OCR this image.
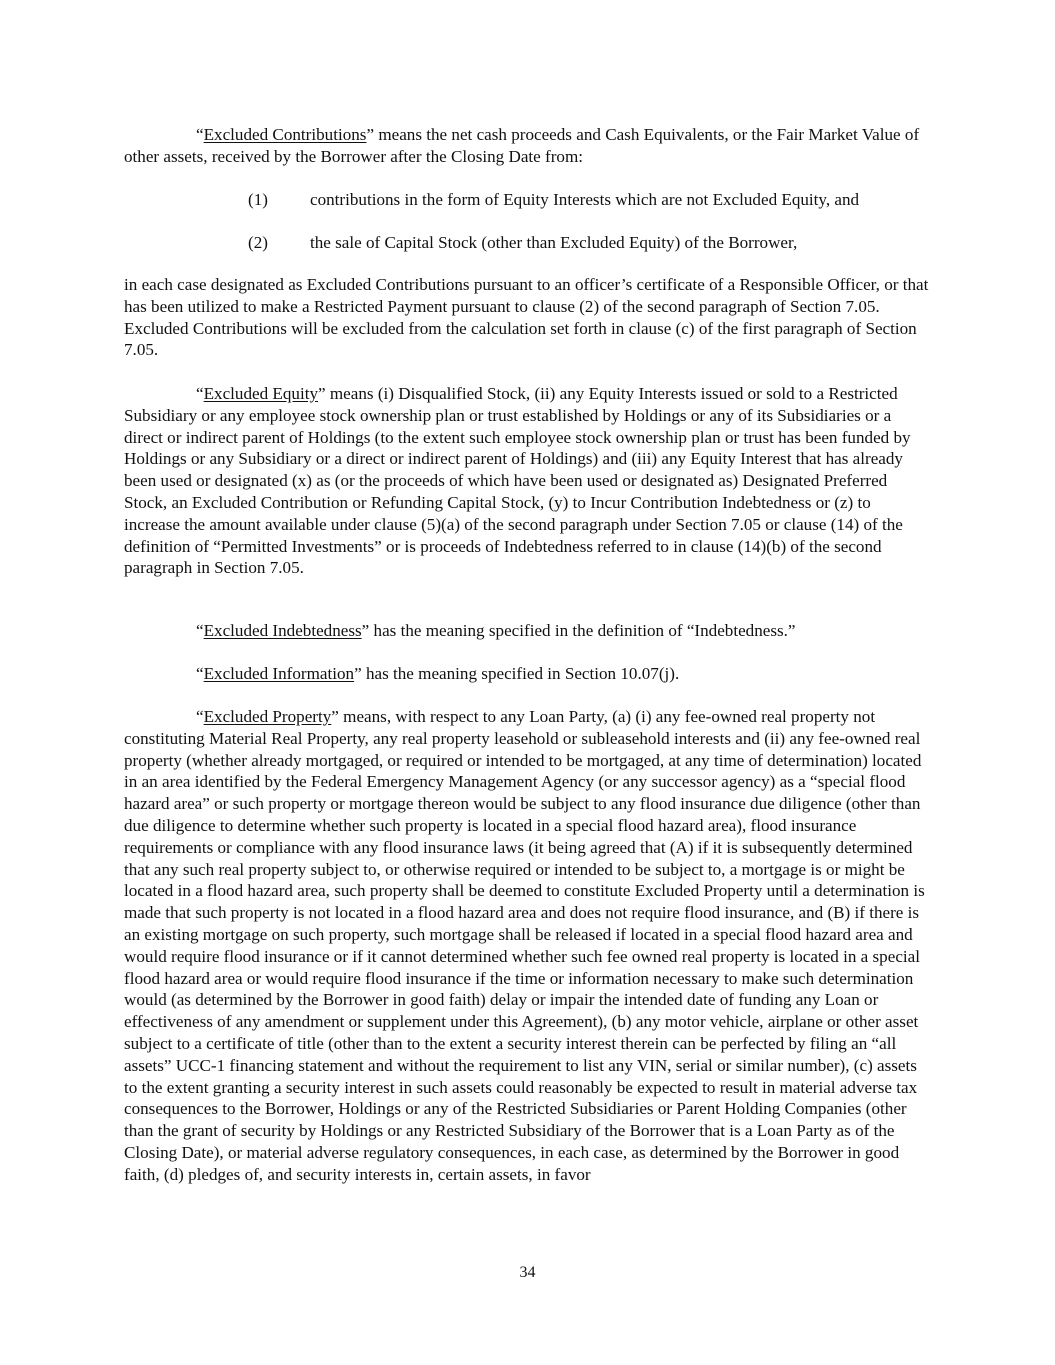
“Excluded Contributions” means the net cash proceeds and Cash Equivalents, or the Fair Market Value of other assets, received by the Borrower after the Closing Date from:

(1) contributions in the form of Equity Interests which are not Excluded Equity, and
(2) the sale of Capital Stock (other than Excluded Equity) of the Borrower,

in each case designated as Excluded Contributions pursuant to an officer’s certificate of a Responsible Officer, or that has been utilized to make a Restricted Payment pursuant to clause (2) of the second paragraph of Section 7.05. Excluded Contributions will be excluded from the calculation set forth in clause (c) of the first paragraph of Section 7.05.

“Excluded Equity” means (i) Disqualified Stock, (ii) any Equity Interests issued or sold to a Restricted Subsidiary or any employee stock ownership plan or trust established by Holdings or any of its Subsidiaries or a direct or indirect parent of Holdings (to the extent such employee stock ownership plan or trust has been funded by Holdings or any Subsidiary or a direct or indirect parent of Holdings) and (iii) any Equity Interest that has already been used or designated (x) as (or the proceeds of which have been used or designated as) Designated Preferred Stock, an Excluded Contribution or Refunding Capital Stock, (y) to Incur Contribution Indebtedness or (z) to increase the amount available under clause (5)(a) of the second paragraph under Section 7.05 or clause (14) of the definition of “Permitted Investments” or is proceeds of Indebtedness referred to in clause (14)(b) of the second paragraph in Section 7.05.

“Excluded Indebtedness” has the meaning specified in the definition of “Indebtedness.”

“Excluded Information” has the meaning specified in Section 10.07(j).

“Excluded Property” means, with respect to any Loan Party, (a) (i) any fee-owned real property not constituting Material Real Property, any real property leasehold or subleasehold interests and (ii) any fee-owned real property (whether already mortgaged, or required or intended to be mortgaged, at any time of determination) located in an area identified by the Federal Emergency Management Agency (or any successor agency) as a “special flood hazard area” or such property or mortgage thereon would be subject to any flood insurance due diligence (other than due diligence to determine whether such property is located in a special flood hazard area), flood insurance requirements or compliance with any flood insurance laws (it being agreed that (A) if it is subsequently determined that any such real property subject to, or otherwise required or intended to be subject to, a mortgage is or might be located in a flood hazard area, such property shall be deemed to constitute Excluded Property until a determination is made that such property is not located in a flood hazard area and does not require flood insurance, and (B) if there is an existing mortgage on such property, such mortgage shall be released if located in a special flood hazard area and would require flood insurance or if it cannot determined whether such fee owned real property is located in a special flood hazard area or would require flood insurance if the time or information necessary to make such determination would (as determined by the Borrower in good faith) delay or impair the intended date of funding any Loan or effectiveness of any amendment or supplement under this Agreement), (b) any motor vehicle, airplane or other asset subject to a certificate of title (other than to the extent a security interest therein can be perfected by filing an “all assets” UCC-1 financing statement and without the requirement to list any VIN, serial or similar number), (c) assets to the extent granting a security interest in such assets could reasonably be expected to result in material adverse tax consequences to the Borrower, Holdings or any of the Restricted Subsidiaries or Parent Holding Companies (other than the grant of security by Holdings or any Restricted Subsidiary of the Borrower that is a Loan Party as of the Closing Date), or material adverse regulatory consequences, in each case, as determined by the Borrower in good faith, (d) pledges of, and security interests in, certain assets, in favor

34
